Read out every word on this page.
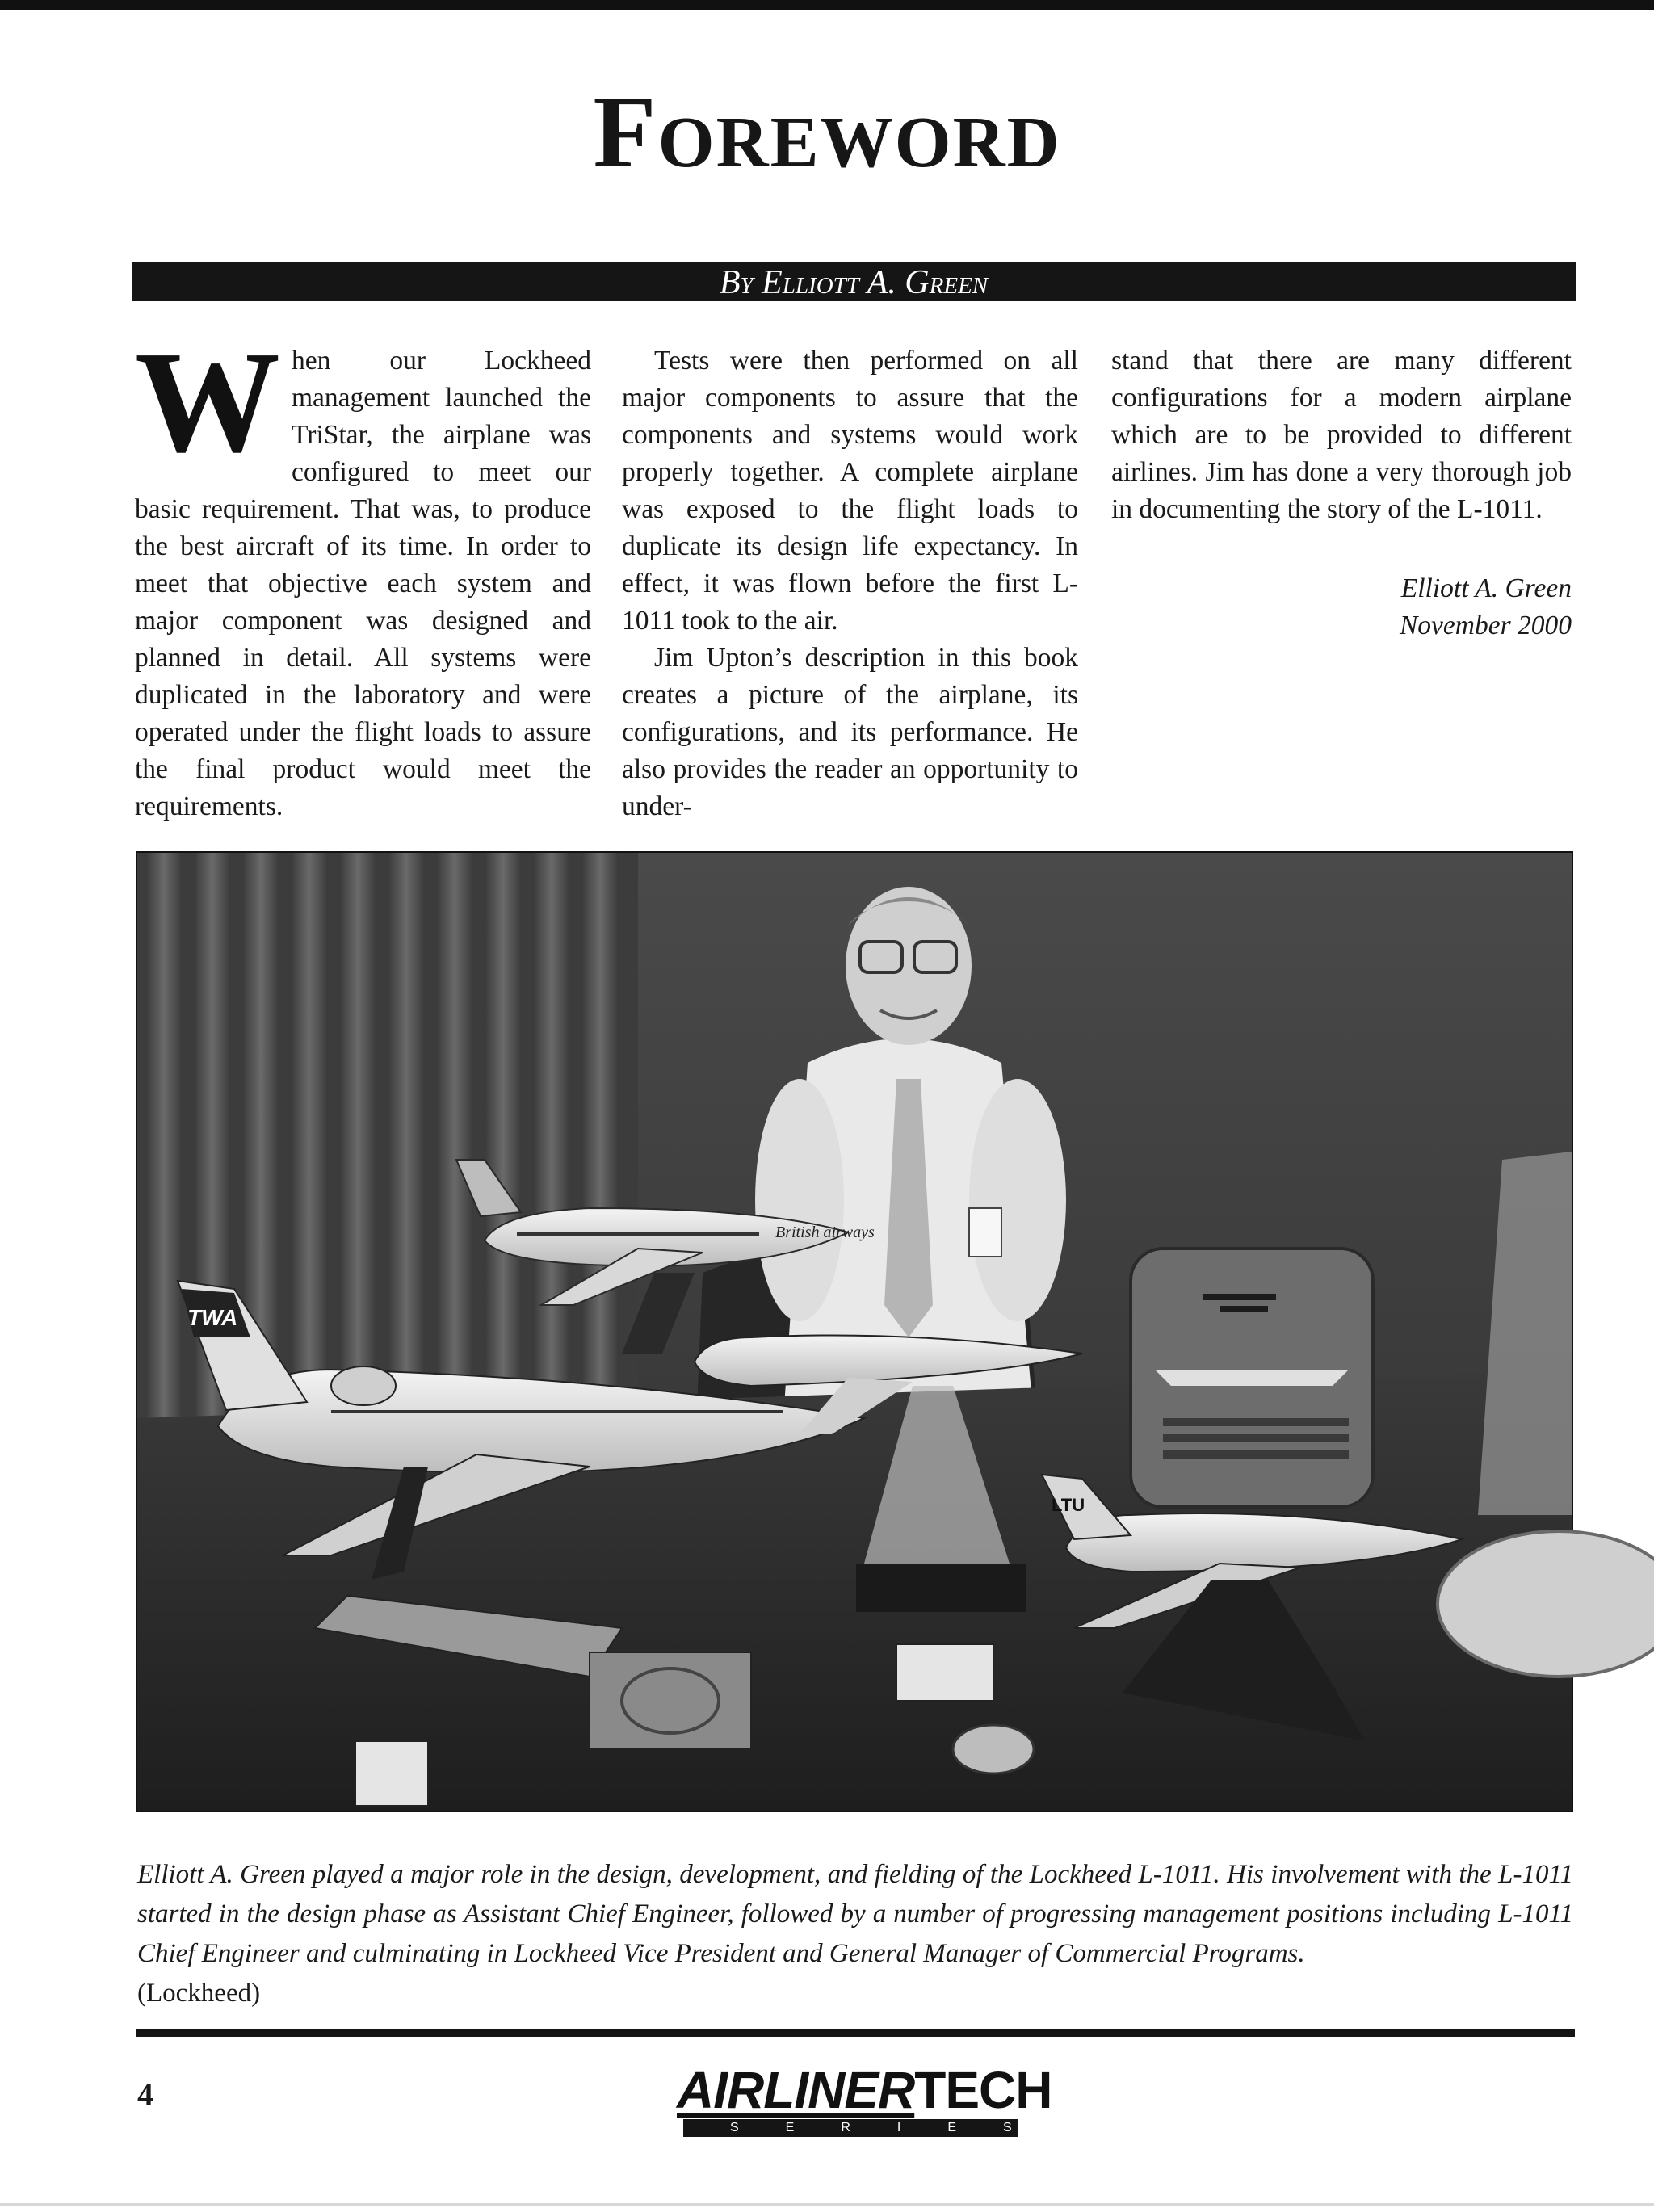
Foreword
By Elliott A. Green

When our Lockheed management launched the TriStar, the airplane was configured to meet our basic requirement. That was, to produce the best aircraft of its time. In order to meet that objective each system and major component was designed and planned in detail. All systems were duplicated in the laboratory and were operated under the flight loads to assure the final product would meet the requirements.

Tests were then performed on all major components to assure that the components and systems would work properly together. A complete airplane was exposed to the flight loads to duplicate its design life expectancy. In effect, it was flown before the first L-1011 took to the air.

Jim Upton’s description in this book creates a picture of the airplane, its configurations, and its performance. He also provides the reader an opportunity to under-

stand that there are many different configurations for a modern airplane which are to be provided to different airlines. Jim has done a very thorough job in documenting the story of the L-1011.

Elliott A. Green
November 2000

British airways
TWA
LTU
Elliott A. Green played a major role in the design, development, and fielding of the Lockheed L-1011. His involvement with the L-1011 started in the design phase as Assistant Chief Engineer, followed by a number of progressing management positions including L-1011 Chief Engineer and culminating in Lockheed Vice President and General Manager of Commercial Programs.
(Lockheed)
4	AIRLINERTECH
SERIES
